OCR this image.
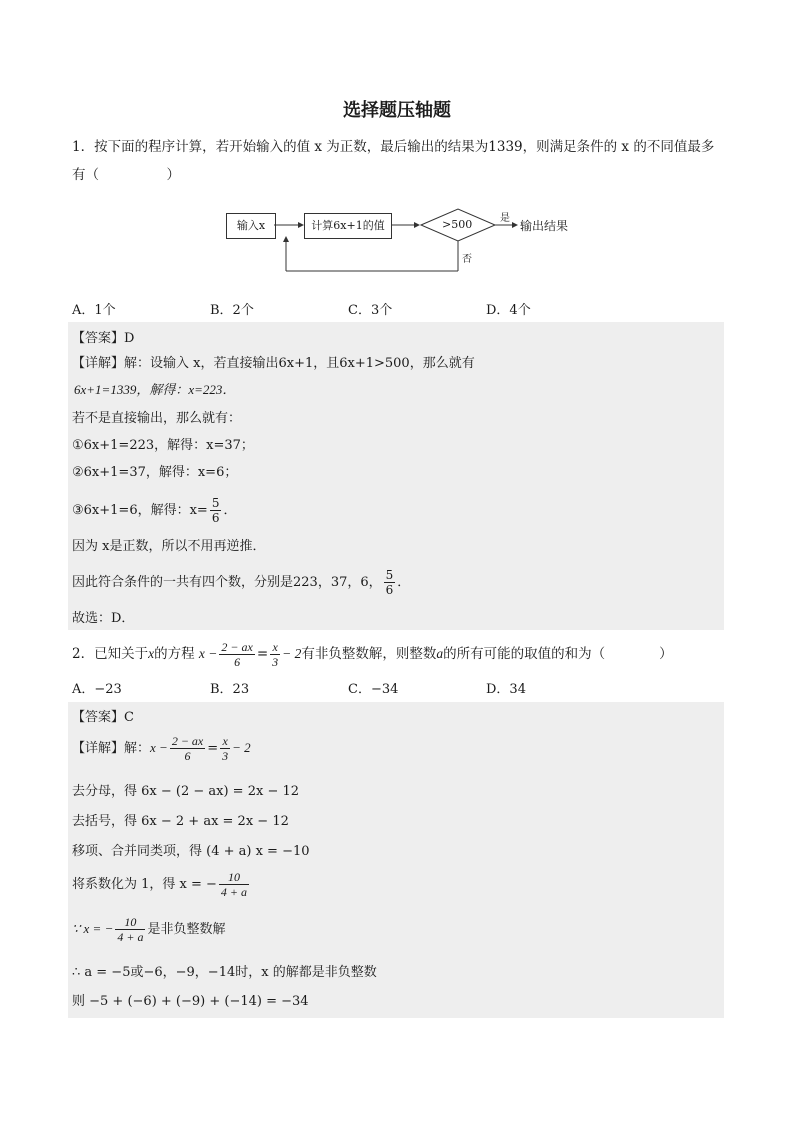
选择题压轴题
1．按下面的程序计算，若开始输入的值 x 为正数，最后输出的结果为1339，则满足条件的 x 的不同值最多
有（　　　　　）
输入x	计算6x+1的值	>500	是
输出结果
否
A．1个	B．2个	C．3个	D．4个
【答案】D
【详解】解：设输入 x，若直接输出6x+1，且6x+1>500，那么就有
6x+1=1339，解得：x=223．
若不是直接输出，那么就有：
①6x+1=223，解得：x=37；
②6x+1=37，解得：x=6；
③6x+1=6，解得：$x= \frac{5}{6}$ ．
因为 x是正数，所以不用再逆推．
因此符合条件的一共有四个数，分别是223，37，6， $\frac{5}{6}$ ．
故选：D．
2．已知关于x的方程 $x - \frac{2 - ax}{6} = \frac{x}{3} - 2$有非负整数解，则整数a的所有可能的取值的和为（　　　　）
A．−23	B．23	C．−34	D．34
【答案】C
【详解】解：$x - \frac{2 - ax}{6} = \frac{x}{3} - 2$
去分母，得 6x − (2 − ax) = 2x − 12
去括号，得 6x − 2 + ax = 2x − 12
移项、合并同类项，得 (4 + a) x = −10
将系数化为 1，得 x = − $\frac{10}{4 + a}$
∵ x = − $\frac{10}{4 + a}$ 是非负整数解
∴ a = −5或−6，−9，−14时，x 的解都是非负整数
则 −5 + (−6) + (−9) + (−14) = −34
